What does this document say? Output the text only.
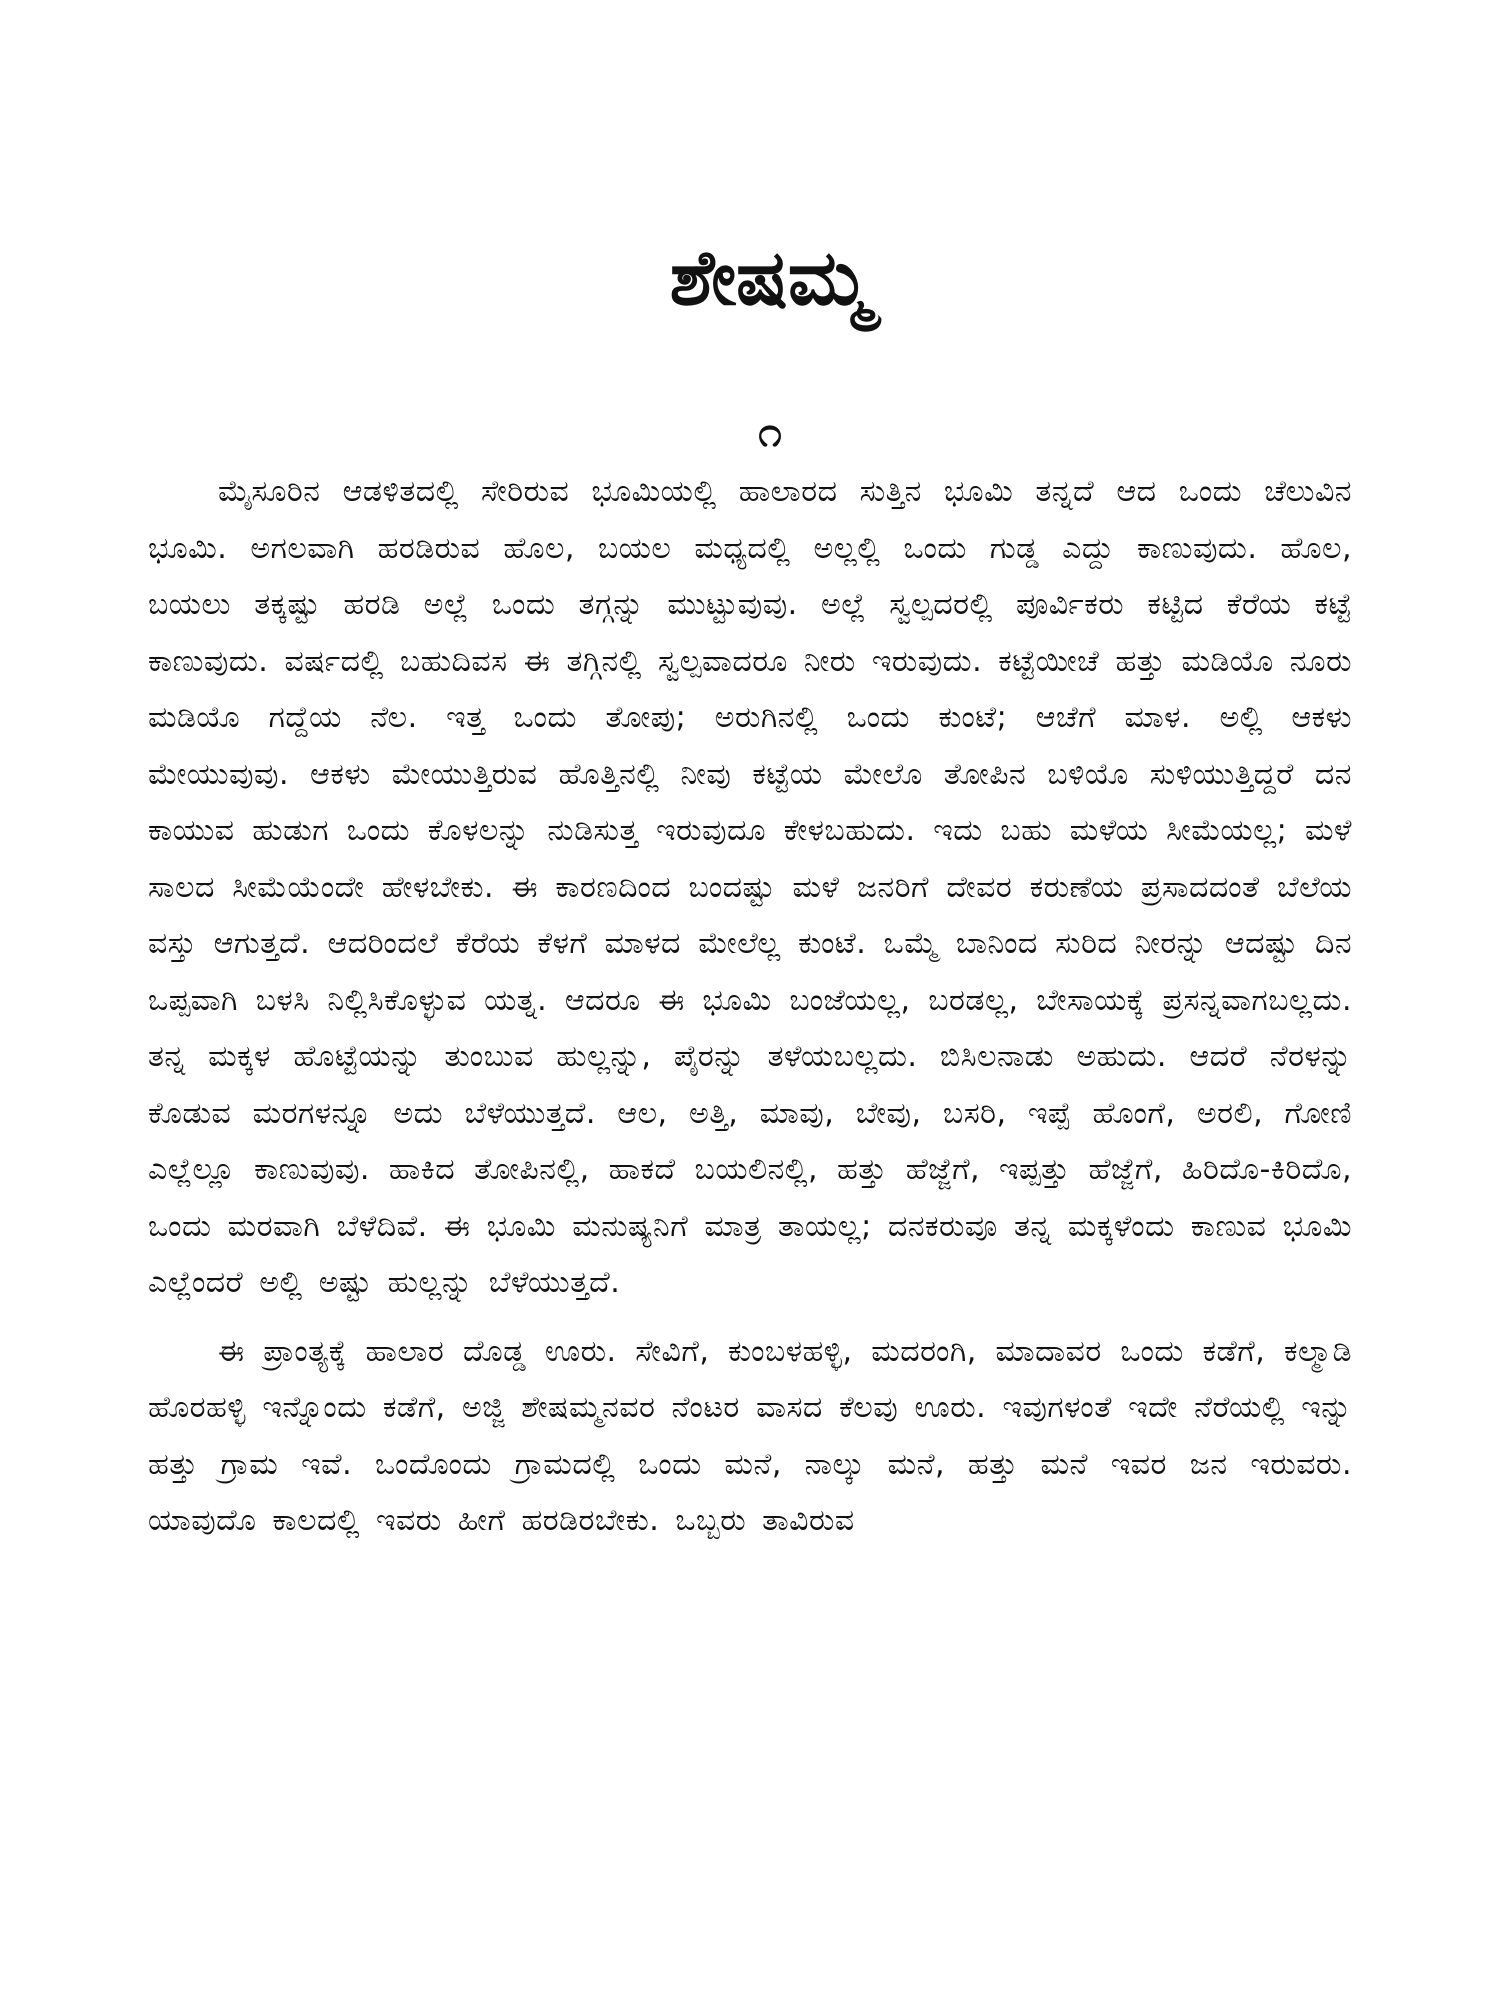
ಶೇಷಮ್ಮ
೧

ಮೈಸೂರಿನ ಆಡಳಿತದಲ್ಲಿ ಸೇರಿರುವ ಭೂಮಿಯಲ್ಲಿ ಹಾಲಾರದ ಸುತ್ತಿನ ಭೂಮಿ ತನ್ನದೆ ಆದ ಒಂದು ಚೆಲುವಿನ ಭೂಮಿ. ಅಗಲವಾಗಿ ಹರಡಿರುವ ಹೊಲ, ಬಯಲ ಮಧ್ಯದಲ್ಲಿ ಅಲ್ಲಲ್ಲಿ ಒಂದು ಗುಡ್ಡ ಎದ್ದು ಕಾಣುವುದು. ಹೊಲ, ಬಯಲು ತಕ್ಕಷ್ಟು ಹರಡಿ ಅಲ್ಲೆ ಒಂದು ತಗ್ಗನ್ನು ಮುಟ್ಟುವುವು. ಅಲ್ಲೆ ಸ್ವಲ್ಪದರಲ್ಲಿ ಪೂರ್ವಿಕರು ಕಟ್ಟಿದ ಕೆರೆಯ ಕಟ್ಟೆ ಕಾಣುವುದು. ವರ್ಷದಲ್ಲಿ ಬಹುದಿವಸ ಈ ತಗ್ಗಿನಲ್ಲಿ ಸ್ವಲ್ಪವಾದರೂ ನೀರು ಇರುವುದು. ಕಟ್ಟೆಯೀಚೆ ಹತ್ತು ಮಡಿಯೊ ನೂರು ಮಡಿಯೊ ಗದ್ದೆಯ ನೆಲ. ಇತ್ತ ಒಂದು ತೋಪು; ಅರುಗಿನಲ್ಲಿ ಒಂದು ಕುಂಟೆ; ಆಚೆಗೆ ಮಾಳ. ಅಲ್ಲಿ ಆಕಳು ಮೇಯುವುವು. ಆಕಳು ಮೇಯುತ್ತಿರುವ ಹೊತ್ತಿನಲ್ಲಿ ನೀವು ಕಟ್ಟೆಯ ಮೇಲೊ ತೋಪಿನ ಬಳಿಯೊ ಸುಳಿಯುತ್ತಿದ್ದರೆ ದನ ಕಾಯುವ ಹುಡುಗ ಒಂದು ಕೊಳಲನ್ನು ನುಡಿಸುತ್ತ ಇರುವುದೂ ಕೇಳಬಹುದು. ಇದು ಬಹು ಮಳೆಯ ಸೀಮೆಯಲ್ಲ; ಮಳೆ ಸಾಲದ ಸೀಮೆಯೆಂದೇ ಹೇಳಬೇಕು. ಈ ಕಾರಣದಿಂದ ಬಂದಷ್ಟು ಮಳೆ ಜನರಿಗೆ ದೇವರ ಕರುಣೆಯ ಪ್ರಸಾದದಂತೆ ಬೆಲೆಯ ವಸ್ತು ಆಗುತ್ತದೆ. ಆದರಿಂದಲೆ ಕೆರೆಯ ಕೆಳಗೆ ಮಾಳದ ಮೇಲೆಲ್ಲ ಕುಂಟೆ. ಒಮ್ಮೆ ಬಾನಿಂದ ಸುರಿದ ನೀರನ್ನು ಆದಷ್ಟು ದಿನ ಒಪ್ಪವಾಗಿ ಬಳಸಿ ನಿಲ್ಲಿಸಿಕೊಳ್ಳುವ ಯತ್ನ. ಆದರೂ ಈ ಭೂಮಿ ಬಂಜೆಯಲ್ಲ, ಬರಡಲ್ಲ, ಬೇಸಾಯಕ್ಕೆ ಪ್ರಸನ್ನವಾಗಬಲ್ಲದು. ತನ್ನ ಮಕ್ಕಳ ಹೊಟ್ಟೆಯನ್ನು ತುಂಬುವ ಹುಲ್ಲನ್ನು, ಪೈರನ್ನು ತಳೆಯಬಲ್ಲದು. ಬಿಸಿಲನಾಡು ಅಹುದು. ಆದರೆ ನೆರಳನ್ನು ಕೊಡುವ ಮರಗಳನ್ನೂ ಅದು ಬೆಳೆಯುತ್ತದೆ. ಆಲ, ಅತ್ತಿ, ಮಾವು, ಬೇವು, ಬಸರಿ, ಇಪ್ಪೆ ಹೊಂಗೆ, ಅರಲಿ, ಗೋಣಿ ಎಲ್ಲೆಲ್ಲೂ ಕಾಣುವುವು. ಹಾಕಿದ ತೋಪಿನಲ್ಲಿ, ಹಾಕದೆ ಬಯಲಿನಲ್ಲಿ, ಹತ್ತು ಹೆಜ್ಜೆಗೆ, ಇಪ್ಪತ್ತು ಹೆಜ್ಜೆಗೆ, ಹಿರಿದೊ-ಕಿರಿದೊ, ಒಂದು ಮರವಾಗಿ ಬೆಳೆದಿವೆ. ಈ ಭೂಮಿ ಮನುಷ್ಯನಿಗೆ ಮಾತ್ರ ತಾಯಲ್ಲ; ದನಕರುವೂ ತನ್ನ ಮಕ್ಕಳೆಂದು ಕಾಣುವ ಭೂಮಿ ಎಲ್ಲೆಂದರೆ ಅಲ್ಲಿ ಅಷ್ಟು ಹುಲ್ಲನ್ನು ಬೆಳೆಯುತ್ತದೆ.

ಈ ಪ್ರಾಂತ್ಯಕ್ಕೆ ಹಾಲಾರ ದೊಡ್ಡ ಊರು. ಸೇವಿಗೆ, ಕುಂಬಳಹಳ್ಳಿ, ಮದರಂಗಿ, ಮಾದಾವರ ಒಂದು ಕಡೆಗೆ, ಕಲ್ಮಾಡಿ ಹೊರಹಳ್ಳಿ ಇನ್ನೊಂದು ಕಡೆಗೆ, ಅಜ್ಜಿ ಶೇಷಮ್ಮನವರ ನೆಂಟರ ವಾಸದ ಕೆಲವು ಊರು. ಇವುಗಳಂತೆ ಇದೇ ನೆರೆಯಲ್ಲಿ ಇನ್ನು ಹತ್ತು ಗ್ರಾಮ ಇವೆ. ಒಂದೊಂದು ಗ್ರಾಮದಲ್ಲಿ ಒಂದು ಮನೆ, ನಾಲ್ಕು ಮನೆ, ಹತ್ತು ಮನೆ ಇವರ ಜನ ಇರುವರು. ಯಾವುದೊ ಕಾಲದಲ್ಲಿ ಇವರು ಹೀಗೆ ಹರಡಿರಬೇಕು. ಒಬ್ಬರು ತಾವಿರುವ
